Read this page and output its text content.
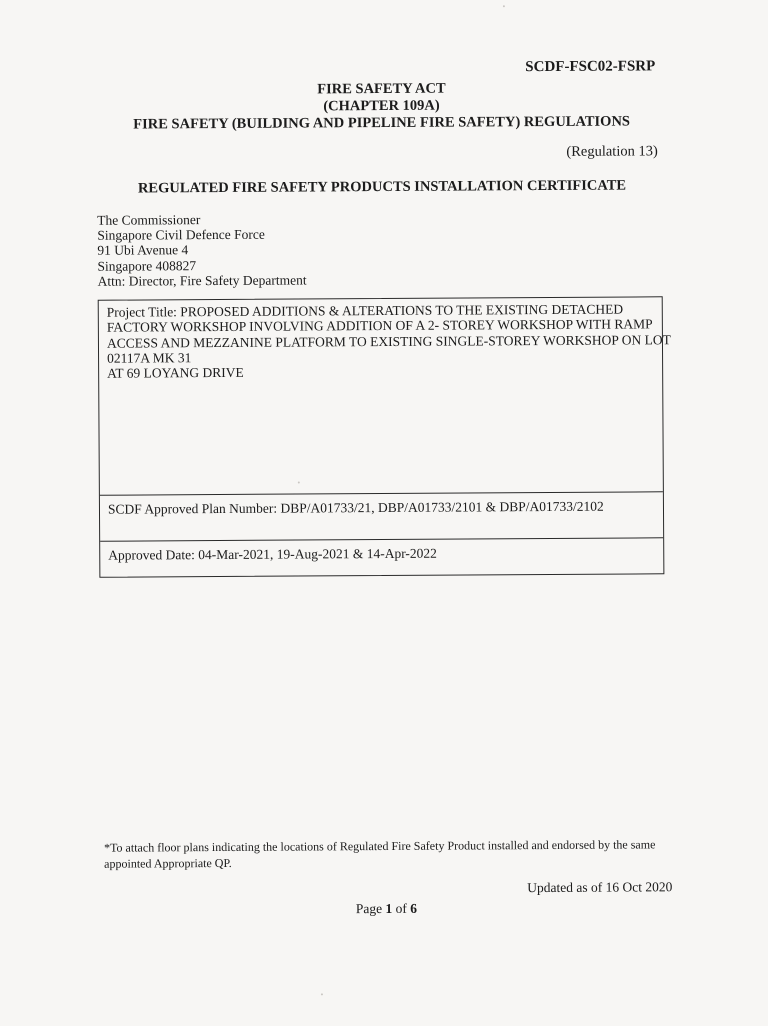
SCDF-FSC02-FSRP
FIRE SAFETY ACT
(CHAPTER 109A)
FIRE SAFETY (BUILDING AND PIPELINE FIRE SAFETY) REGULATIONS
(Regulation 13)
REGULATED FIRE SAFETY PRODUCTS INSTALLATION CERTIFICATE
The Commissioner
Singapore Civil Defence Force
91 Ubi Avenue 4
Singapore 408827
Attn: Director, Fire Safety Department
Project Title: PROPOSED ADDITIONS & ALTERATIONS TO THE EXISTING DETACHED
FACTORY WORKSHOP INVOLVING ADDITION OF A 2- STOREY WORKSHOP WITH RAMP
ACCESS AND MEZZANINE PLATFORM TO EXISTING SINGLE-STOREY WORKSHOP ON LOT
02117A MK 31
AT 69 LOYANG DRIVE
SCDF Approved Plan Number: DBP/A01733/21, DBP/A01733/2101 & DBP/A01733/2102
Approved Date: 04-Mar-2021, 19-Aug-2021 & 14-Apr-2022
*To attach floor plans indicating the locations of Regulated Fire Safety Product installed and endorsed by the same appointed Appropriate QP.
Updated as of 16 Oct 2020
Page 1 of 6
